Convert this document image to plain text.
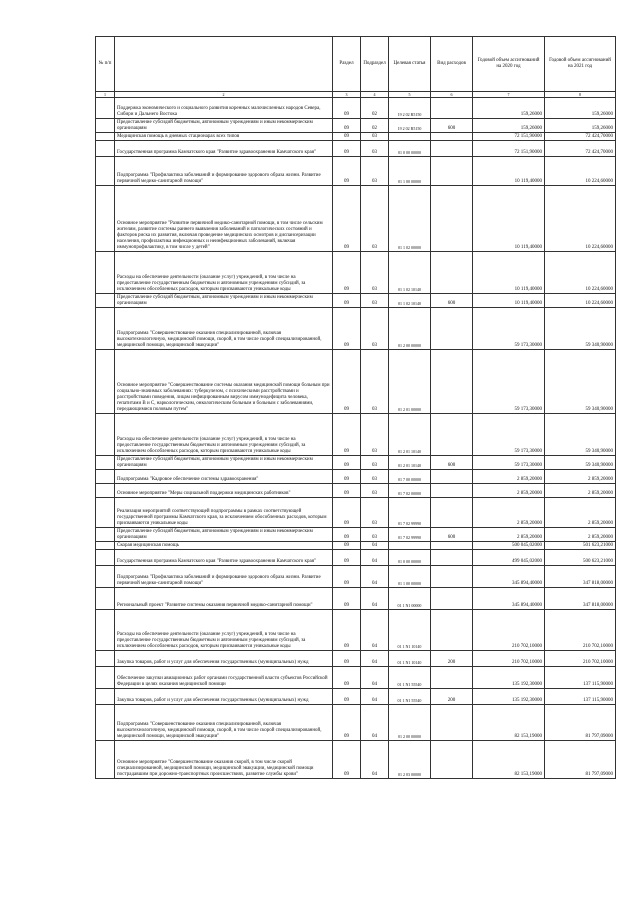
№ п/п		Раздел	Подраздел	Целевая статья	Вид расходов	Годовой объем ассигнований на 2020 год	Годовой объем ассигнований на 2021 год
1	2	3	4	5	6	7	8
	Поддержка экономического и социального развития коренных малочисленных народов Севера, Сибири и Дальнего Востока	09	02	19 2 02 R5150		159,26000	159,26000
	Предоставление субсидий бюджетным, автономным учреждениям и иным некоммерческим организациям	09	02	19 2 02 R5150	600	159,26000	159,26000
	Медицинская помощь в дневных стационарах всех типов	09	03			72 151,90000	72 424,70000
	Государственная программа Камчатского края "Развитие здравоохранения Камчатского края"	09	03	01 0 00 00000		72 151,90000	72 424,70000
	Подпрограмма "Профилактика заболеваний и формирование здорового образа жизни. Развитие первичной медико-санитарной помощи"	09	03	01 1 00 00000		10 119,40000	10 224,60000
	Основное мероприятие "Развитие первичной медико-санитарной помощи, в том числе сельским жителям, развитие системы раннего выявления заболеваний и патологических состояний и факторов риска их развития, включая проведение медицинских осмотров и диспансеризации населения, профилактика инфекционных и неинфекционных заболеваний, включая иммунопрофилактику, в том числе у детей"	09	03	01 1 02 00000		10 119,40000	10 224,60000
	Расходы на обеспечение деятельности (оказание услуг) учреждений, в том числе на предоставление государственным бюджетным и автономным учреждениям субсидий, за исключением обособленных расходов, которым присваиваются уникальные коды	09	03	01 1 02 10140		10 119,40000	10 224,60000
	Предоставление субсидий бюджетным, автономным учреждениям и иным некоммерческим организациям	09	03	01 1 02 10140	600	10 119,40000	10 224,60000
	Подпрограмма "Совершенствование оказания специализированной, включая высокотехнологичную, медицинской помощи, скорой, в том числе скорой специализированной, медицинской помощи, медицинской эвакуации"	09	03	01 2 00 00000		59 173,30000	59 340,90000
	Основное мероприятие "Совершенствование системы оказания медицинской помощи больным при социально-значимых заболеваниях: туберкулезом, с психическими расстройствами и расстройствами поведения, лицам инфицированным вирусом иммунодефицита человека, гепатитами В и С, наркологическим, онкологическим больным и больным с заболеваниями, передающимися половым путем"	09	03	01 2 01 00000		59 173,30000	59 340,90000
	Расходы на обеспечение деятельности (оказание услуг) учреждений, в том числе на предоставление государственным бюджетным и автономным учреждениям субсидий, за исключением обособленных расходов, которым присваиваются уникальные коды	09	03	01 2 01 10140		59 173,30000	59 340,90000
	Предоставление субсидий бюджетным, автономным учреждениям и иным некоммерческим организациям	09	03	01 2 01 10140	600	59 173,30000	59 340,90000
	Подпрограмма "Кадровое обеспечение системы здравоохранения"	09	03	01 7 00 00000		2 859,20000	2 859,20000
	Основное мероприятие "Меры социальной поддержки медицинских работников"	09	03	01 7 02 00000		2 859,20000	2 859,20000
	Реализация мероприятий соответствующей подпрограммы в рамках соответствующей государственной программы Камчатского края, за исключением обособленных расходов, которым присваиваются уникальные коды	09	03	01 7 02 99990		2 859,20000	2 859,20000
	Предоставление субсидий бюджетным, автономным учреждениям и иным некоммерческим организациям	09	03	01 7 02 99990	600	2 859,20000	2 859,20000
	Скорая медицинская помощь	09	04			500 045,02000	501 623,21000
	Государственная программа Камчатского края "Развитие здравоохранения Камчатского края"	09	04	01 0 00 00000		499 045,02000	500 623,21000
	Подпрограмма "Профилактика заболеваний и формирование здорового образа жизни. Развитие первичной медико-санитарной помощи"	09	04	01 1 00 00000		345 894,40000	347 818,00000
	Региональный проект "Развитие системы оказания первичной медико-санитарной помощи"	09	04	01 1 N1 00000		345 894,40000	347 818,00000
	Расходы на обеспечение деятельности (оказание услуг) учреждений, в том числе на предоставление государственным бюджетным и автономным учреждениям субсидий, за исключением обособленных расходов, которым присваиваются уникальные коды	09	04	01 1 N1 10140		210 702,10000	210 702,10000
	Закупка товаров, работ и услуг для обеспечения государственных (муниципальных) нужд	09	04	01 1 N1 10140	200	210 702,10000	210 702,10000
	Обеспечение закупки авиационных работ органами государственной власти субъектов Российской Федерации в целях оказания медицинской помощи	09	04	01 1 N1 55540		135 192,30000	137 115,90000
	Закупка товаров, работ и услуг для обеспечения государственных (муниципальных) нужд	09	04	01 1 N1 55540	200	135 192,30000	137 115,90000
	Подпрограмма "Совершенствование оказания специализированной, включая высокотехнологичную, медицинской помощи, скорой, в том числе скорой специализированной, медицинской помощи, медицинской эвакуации"	09	04	01 2 00 00000		82 153,19000	81 797,09000
	Основное мероприятие "Совершенствование оказания скорой, в том числе скорой специализированной, медицинской помощи, медицинской эвакуации, медицинской помощи пострадавшим при дорожно-транспортных происшествиях, развитие службы крови"	09	04	01 2 03 00000		82 153,19000	81 797,09000
